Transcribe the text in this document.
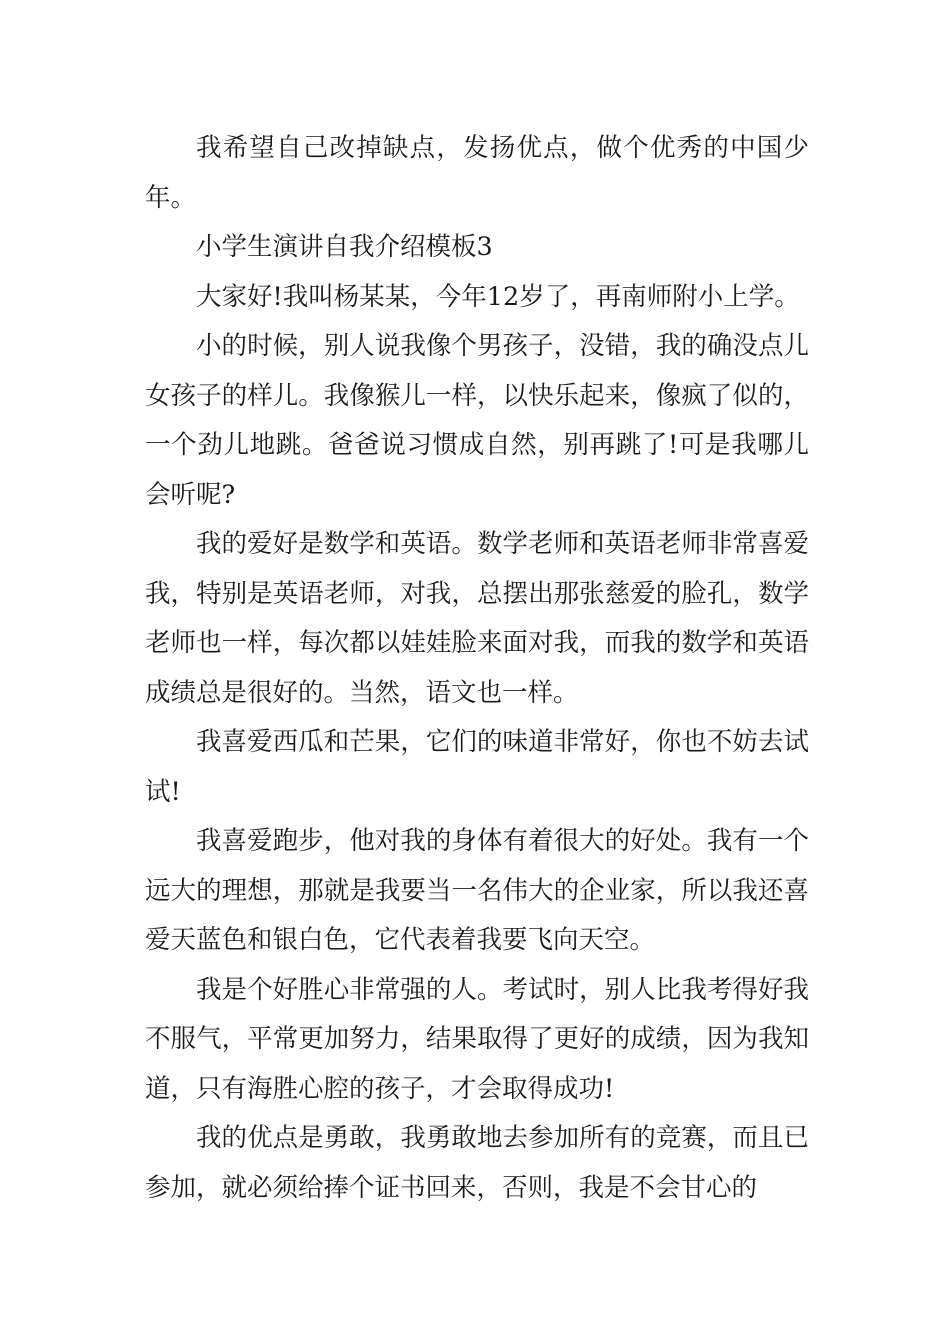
我希望自己改掉缺点，发扬优点，做个优秀的中国少年。

小学生演讲自我介绍模板3

大家好!我叫杨某某，今年12岁了，再南师附小上学。

小的时候，别人说我像个男孩子，没错，我的确没点儿女孩子的样儿。我像猴儿一样，以快乐起来，像疯了似的，一个劲儿地跳。爸爸说习惯成自然，别再跳了!可是我哪儿会听呢?

我的爱好是数学和英语。数学老师和英语老师非常喜爱我，特别是英语老师，对我，总摆出那张慈爱的脸孔，数学老师也一样，每次都以娃娃脸来面对我，而我的数学和英语成绩总是很好的。当然，语文也一样。

我喜爱西瓜和芒果，它们的味道非常好，你也不妨去试试!

我喜爱跑步，他对我的身体有着很大的好处。我有一个远大的理想，那就是我要当一名伟大的企业家，所以我还喜爱天蓝色和银白色，它代表着我要飞向天空。

我是个好胜心非常强的人。考试时，别人比我考得好我不服气，平常更加努力，结果取得了更好的成绩，因为我知道，只有海胜心腔的孩子，才会取得成功!

我的优点是勇敢，我勇敢地去参加所有的竞赛，而且已参加，就必须给捧个证书回来，否则，我是不会甘心的
